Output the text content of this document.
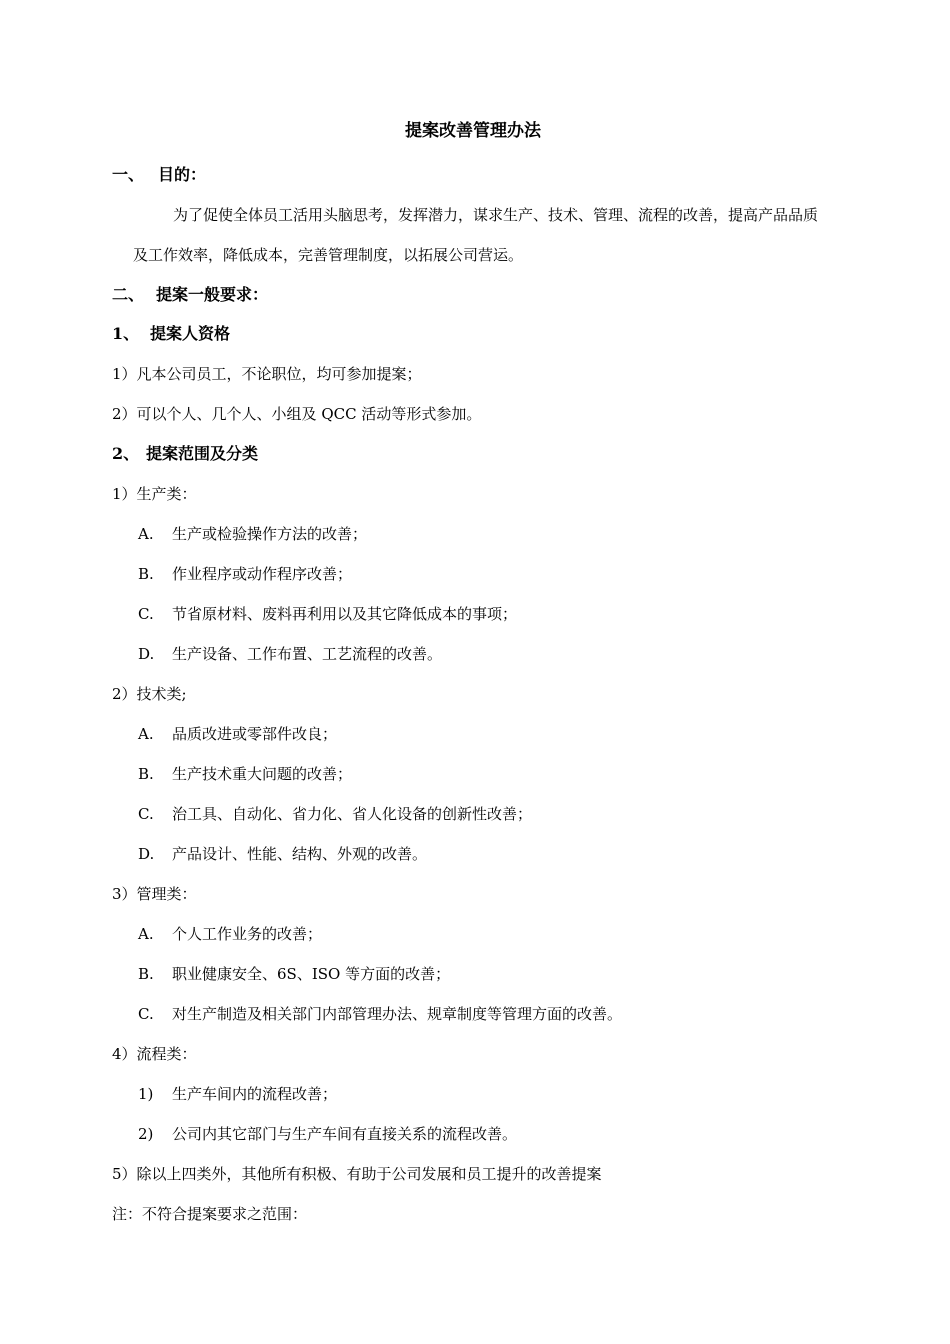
提案改善管理办法
一、 目的：
为了促使全体员工活用头脑思考，发挥潜力，谋求生产、技术、管理、流程的改善，提高产品品质
及工作效率，降低成本，完善管理制度，以拓展公司营运。
二、 提案一般要求：
1、 提案人资格
1）凡本公司员工，不论职位，均可参加提案；
2）可以个人、几个人、小组及 QCC 活动等形式参加。
2、 提案范围及分类
1）生产类：
A. 生产或检验操作方法的改善；
B. 作业程序或动作程序改善；
C. 节省原材料、废料再利用以及其它降低成本的事项；
D. 生产设备、工作布置、工艺流程的改善。
2）技术类;
A. 品质改进或零部件改良；
B. 生产技术重大问题的改善；
C. 治工具、自动化、省力化、省人化设备的创新性改善；
D. 产品设计、性能、结构、外观的改善。
3）管理类：
A. 个人工作业务的改善；
B. 职业健康安全、6S、ISO 等方面的改善；
C. 对生产制造及相关部门内部管理办法、规章制度等管理方面的改善。
4）流程类：
1) 生产车间内的流程改善；
2) 公司内其它部门与生产车间有直接关系的流程改善。
5）除以上四类外，其他所有积极、有助于公司发展和员工提升的改善提案
注：不符合提案要求之范围：
